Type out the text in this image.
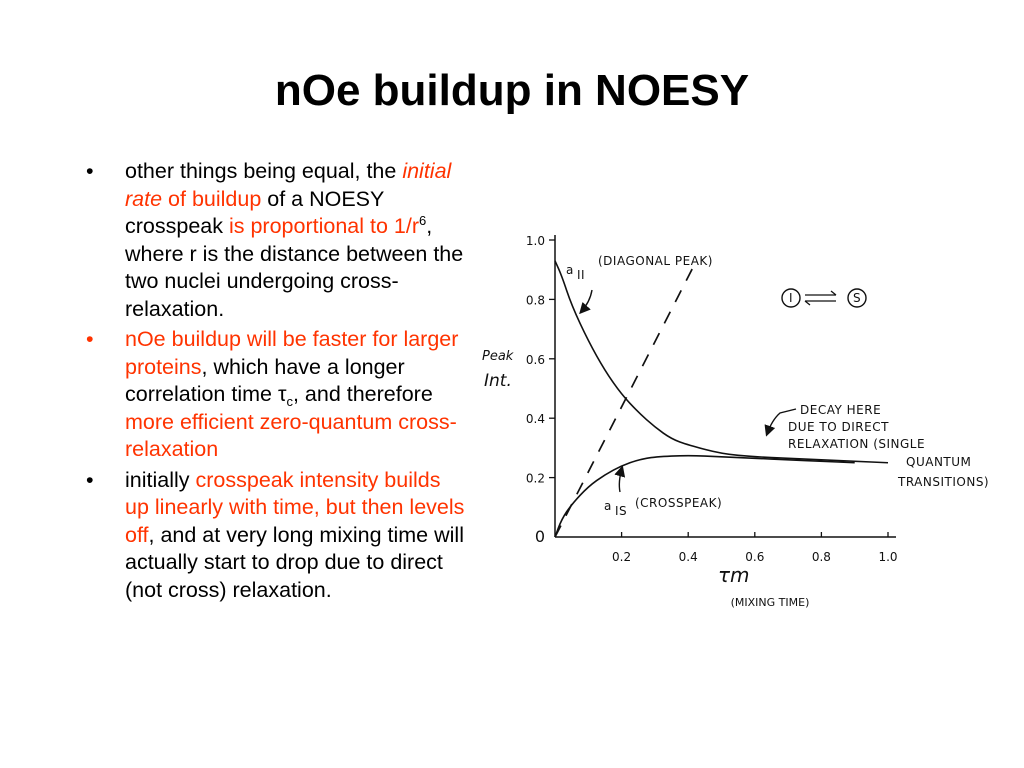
nOe buildup in NOESY
•	other things being equal, the initial rate of buildup of a NOESY crosspeak is proportional to $1/r^6$, where r is the distance between the two nuclei undergoing cross-relaxation.
•	nOe buildup will be faster for larger proteins, which have a longer correlation time $\tau_c$, and therefore more efficient zero-quantum cross-relaxation
•	initially crosspeak intensity builds up linearly with time, but then levels off, and at very long mixing time will actually start to drop due to direct (not cross) relaxation.
0
0.2
0.4
0.6
0.8
1.0
0.2	0.4	0.6	0.8	1.0
Peak
Int.
τm
(MIXING TIME)
a II
(DIAGONAL PEAK)
I	S
a IS
(CROSSPEAK)
DECAY HERE
DUE TO DIRECT
RELAXATION (SINGLE
QUANTUM
TRANSITIONS)
